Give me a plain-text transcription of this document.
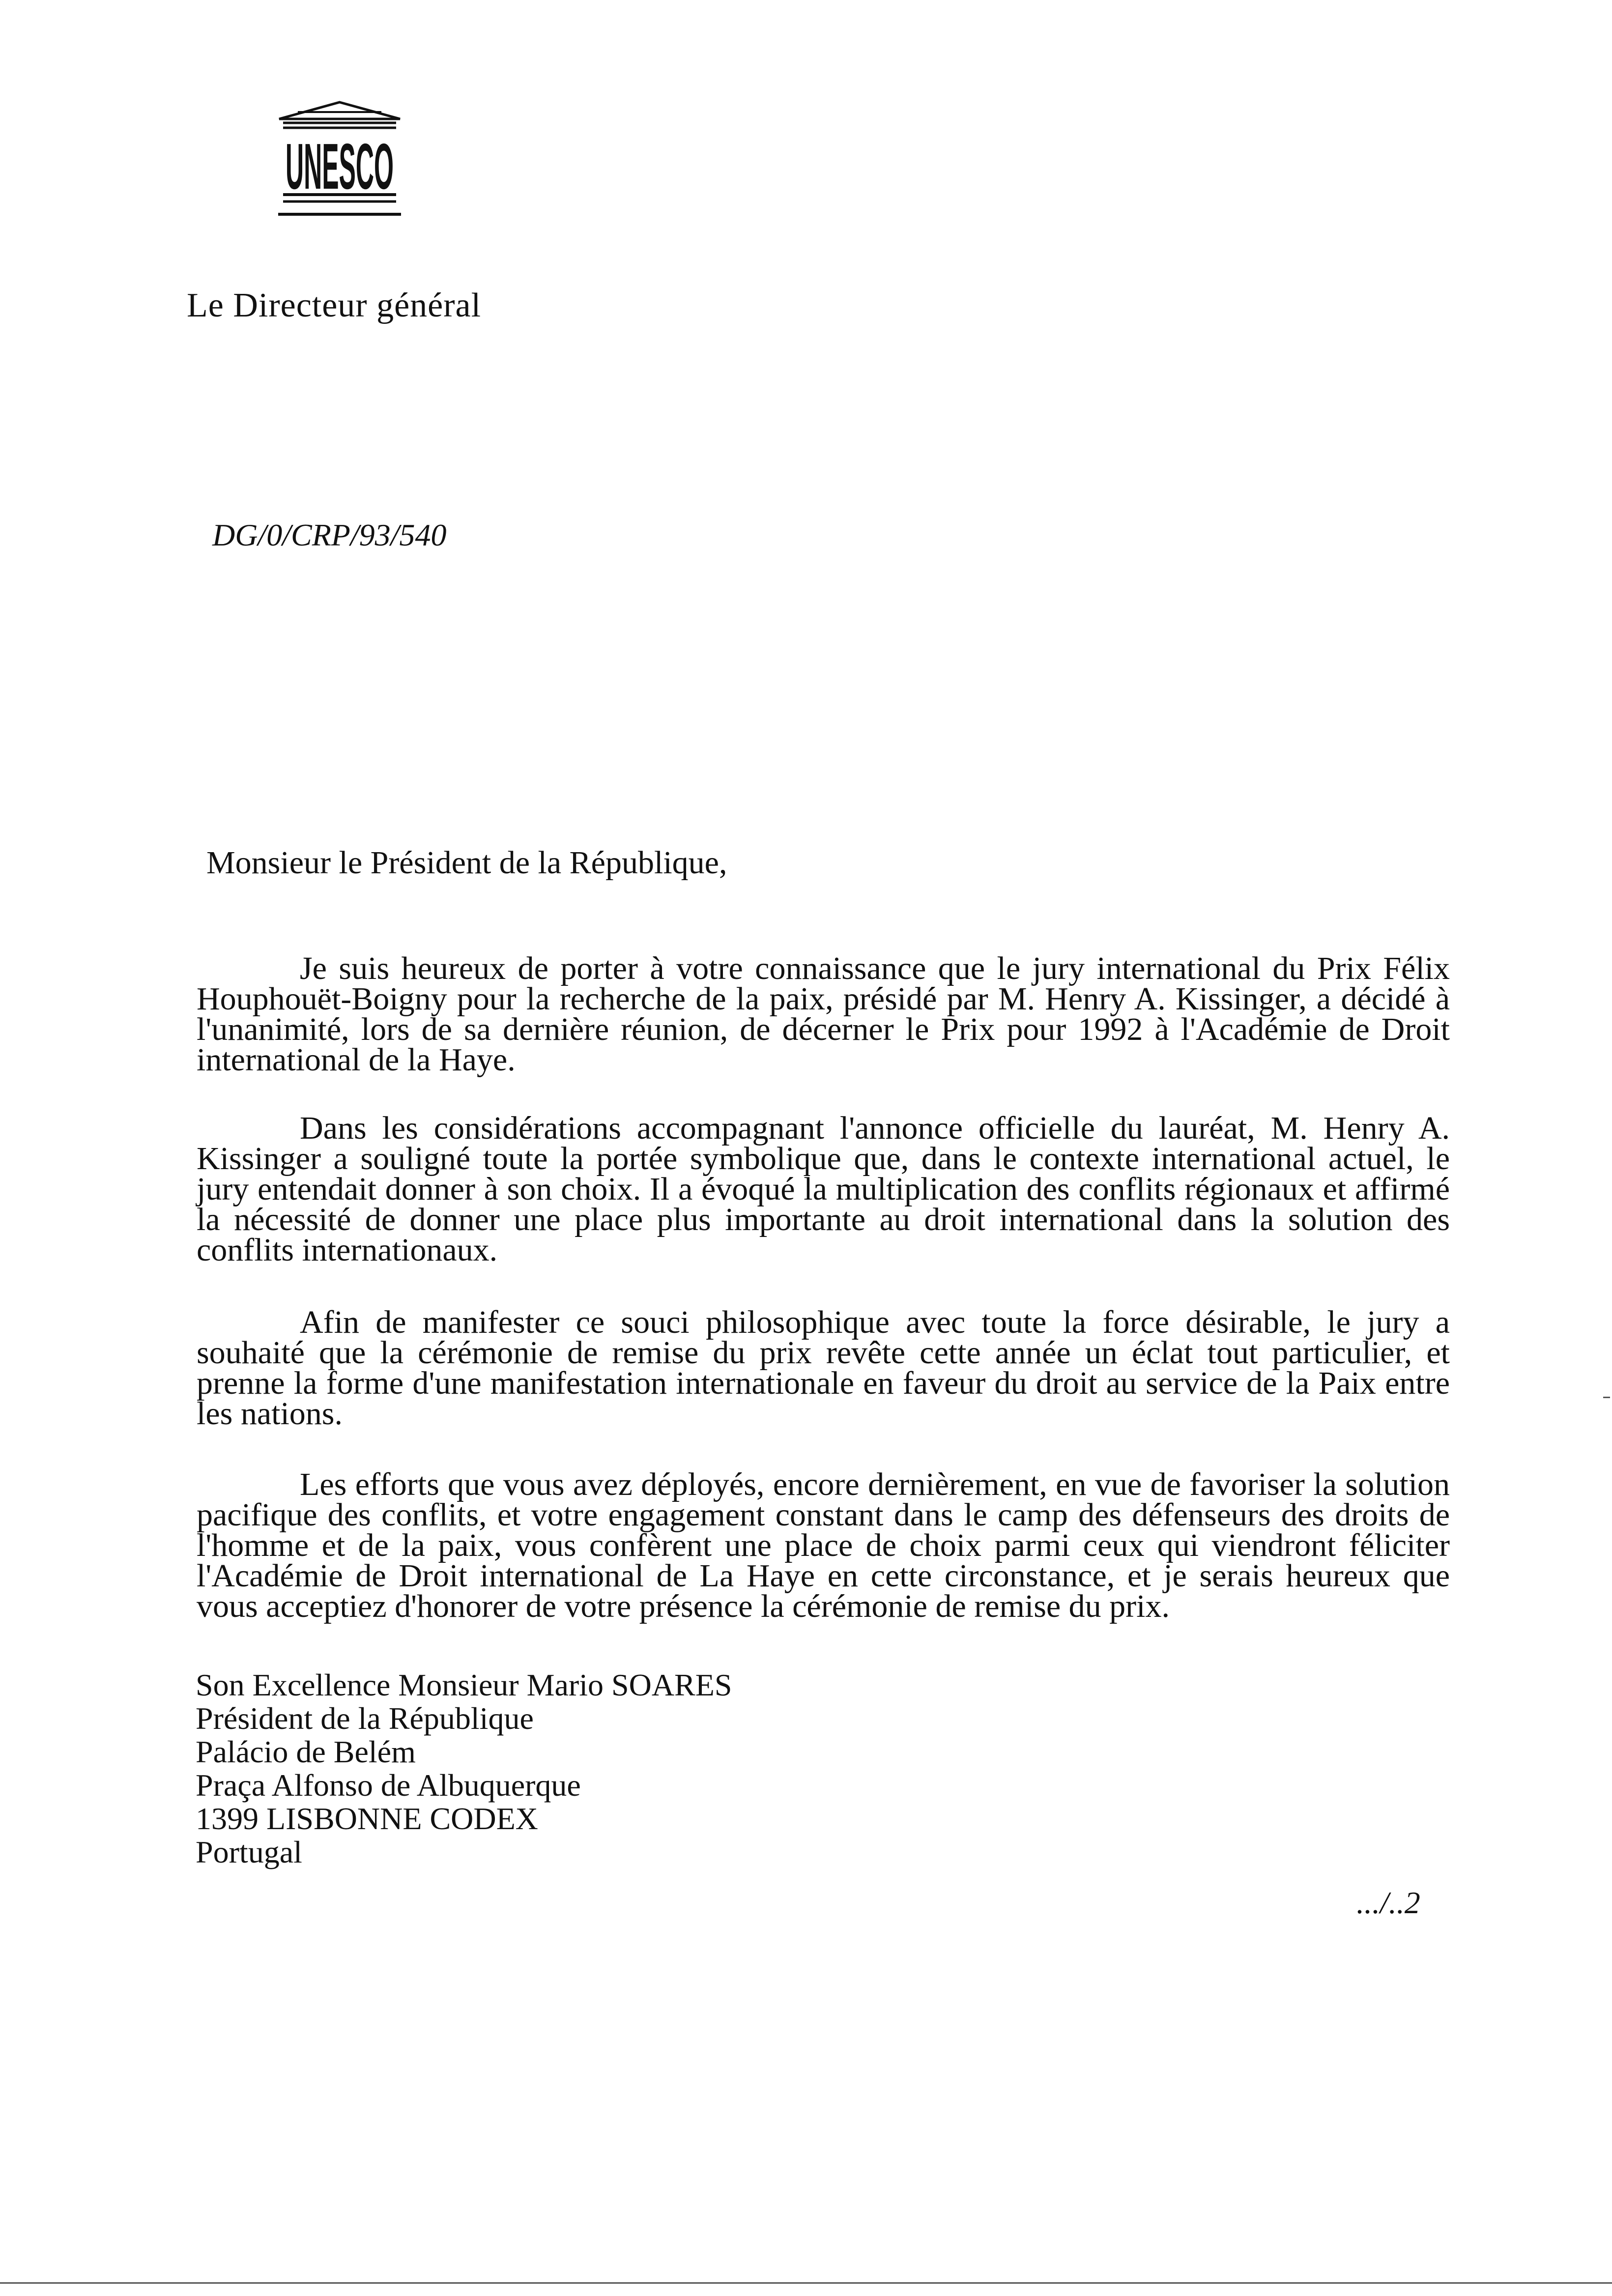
UNESCO
Le Directeur général
DG/0/CRP/93/540
Monsieur le Président de la République,

Je suis heureux de porter à votre connaissance que le jury international du Prix Félix Houphouët-Boigny pour la recherche de la paix, présidé par M. Henry A. Kissinger, a décidé à l'unanimité, lors de sa dernière réunion, de décerner le Prix pour 1992 à l'Académie de Droit international de la Haye.

Dans les considérations accompagnant l'annonce officielle du lauréat, M. Henry A. Kissinger a souligné toute la portée symbolique que, dans le contexte international actuel, le jury entendait donner à son choix. Il a évoqué la multiplication des conflits régionaux et affirmé la nécessité de donner une place plus importante au droit international dans la solution des conflits internationaux.

Afin de manifester ce souci philosophique avec toute la force désirable, le jury a souhaité que la cérémonie de remise du prix revête cette année un éclat tout particulier, et prenne la forme d'une manifestation internationale en faveur du droit au service de la Paix entre les nations.

Les efforts que vous avez déployés, encore dernièrement, en vue de favoriser la solution pacifique des conflits, et votre engagement constant dans le camp des défenseurs des droits de l'homme et de la paix, vous confèrent une place de choix parmi ceux qui viendront féliciter l'Académie de Droit international de La Haye en cette circonstance, et je serais heureux que vous acceptiez d'honorer de votre présence la cérémonie de remise du prix.

Son Excellence Monsieur Mario SOARES
Président de la République
Palácio de Belém
Praça Alfonso de Albuquerque
1399 LISBONNE CODEX
Portugal
.../..2
